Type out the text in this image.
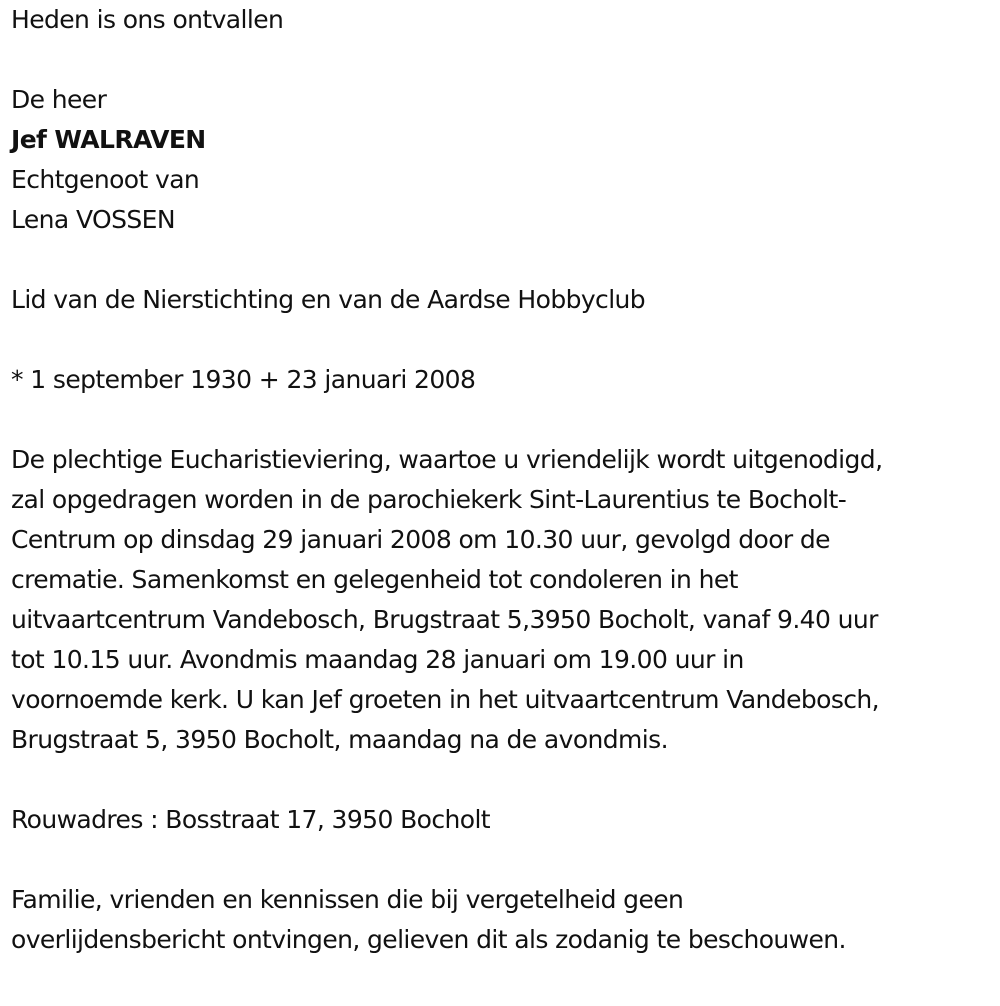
Heden is ons ontvallen

De heer

Jef WALRAVEN

Echtgenoot van

Lena VOSSEN

Lid van de Nierstichting en van de Aardse Hobbyclub

* 1 september 1930 + 23 januari 2008

De plechtige Eucharistieviering, waartoe u vriendelijk wordt uitgenodigd,

zal opgedragen worden in de parochiekerk Sint-Laurentius te Bocholt-

Centrum op dinsdag 29 januari 2008 om 10.30 uur, gevolgd door de

crematie. Samenkomst en gelegenheid tot condoleren in het

uitvaartcentrum Vandebosch, Brugstraat 5,3950 Bocholt, vanaf 9.40 uur

tot 10.15 uur. Avondmis maandag 28 januari om 19.00 uur in

voornoemde kerk. U kan Jef groeten in het uitvaartcentrum Vandebosch,

Brugstraat 5, 3950 Bocholt, maandag na de avondmis.

Rouwadres : Bosstraat 17, 3950 Bocholt

Familie, vrienden en kennissen die bij vergetelheid geen

overlijdensbericht ontvingen, gelieven dit als zodanig te beschouwen.
